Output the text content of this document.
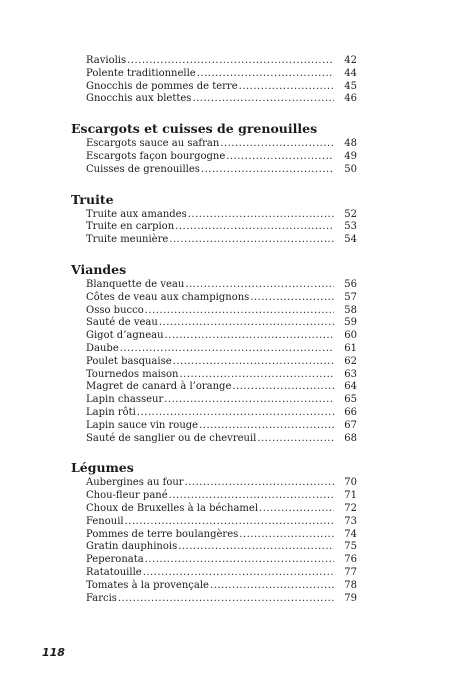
Raviolis .....	42
Polente traditionnelle .....	44
Gnocchis de pommes de terre .....	45
Gnocchis aux blettes .....	46
Escargots et cuisses de grenouilles
Escargots sauce au safran .....	48
Escargots façon bourgogne .....	49
Cuisses de grenouilles .....	50
Truite
Truite aux amandes .....	52
Truite en carpion .....	53
Truite meunière .....	54
Viandes
Blanquette de veau .....	56
Côtes de veau aux champignons .....	57
Osso bucco .....	58
Sauté de veau .....	59
Gigot d’agneau .....	60
Daube .....	61
Poulet basquaise .....	62
Tournedos maison .....	63
Magret de canard à l’orange .....	64
Lapin chasseur .....	65
Lapin rôti .....	66
Lapin sauce vin rouge .....	67
Sauté de sanglier ou de chevreuil .....	68
Légumes
Aubergines au four .....	70
Chou-fleur pané .....	71
Choux de Bruxelles à la béchamel .....	72
Fenouil .....	73
Pommes de terre boulangères .....	74
Gratin dauphinois .....	75
Peperonata .....	76
Ratatouille .....	77
Tomates à la provençale .....	78
Farcis .....	79
118
